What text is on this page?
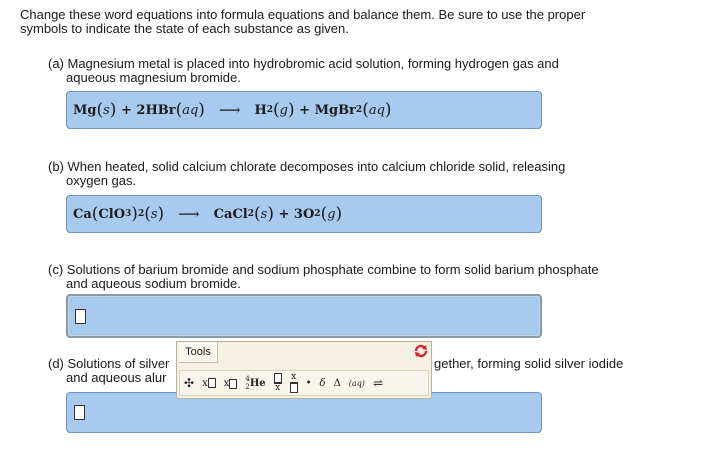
Change these word equations into formula equations and balance them. Be sure to use the proper
symbols to indicate the state of each substance as given.
(a) Magnesium metal is placed into hydrobromic acid solution, forming hydrogen gas and
aqueous magnesium bromide.
Mg ( s )
+
2HBr ( aq ) ⟶ H 2 ( g )
+
MgBr 2 ( aq )
(b) When heated, solid calcium chlorate decomposes into calcium chloride solid, releasing
oxygen gas.
Ca ( ClO 3 ) 2 ( s ) ⟶ CaCl 2 ( s )
+
3O 2 ( g )
(c) Solutions of barium bromide and sodium phosphate combine to form solid barium phosphate
and aqueous sodium bromide.
(d) Solutions of silver
and aqueous alur
gether, forming solid silver iodide
Tools
✣ x	x	4
2 He x
x
• δ Δ (aq) ⇌
